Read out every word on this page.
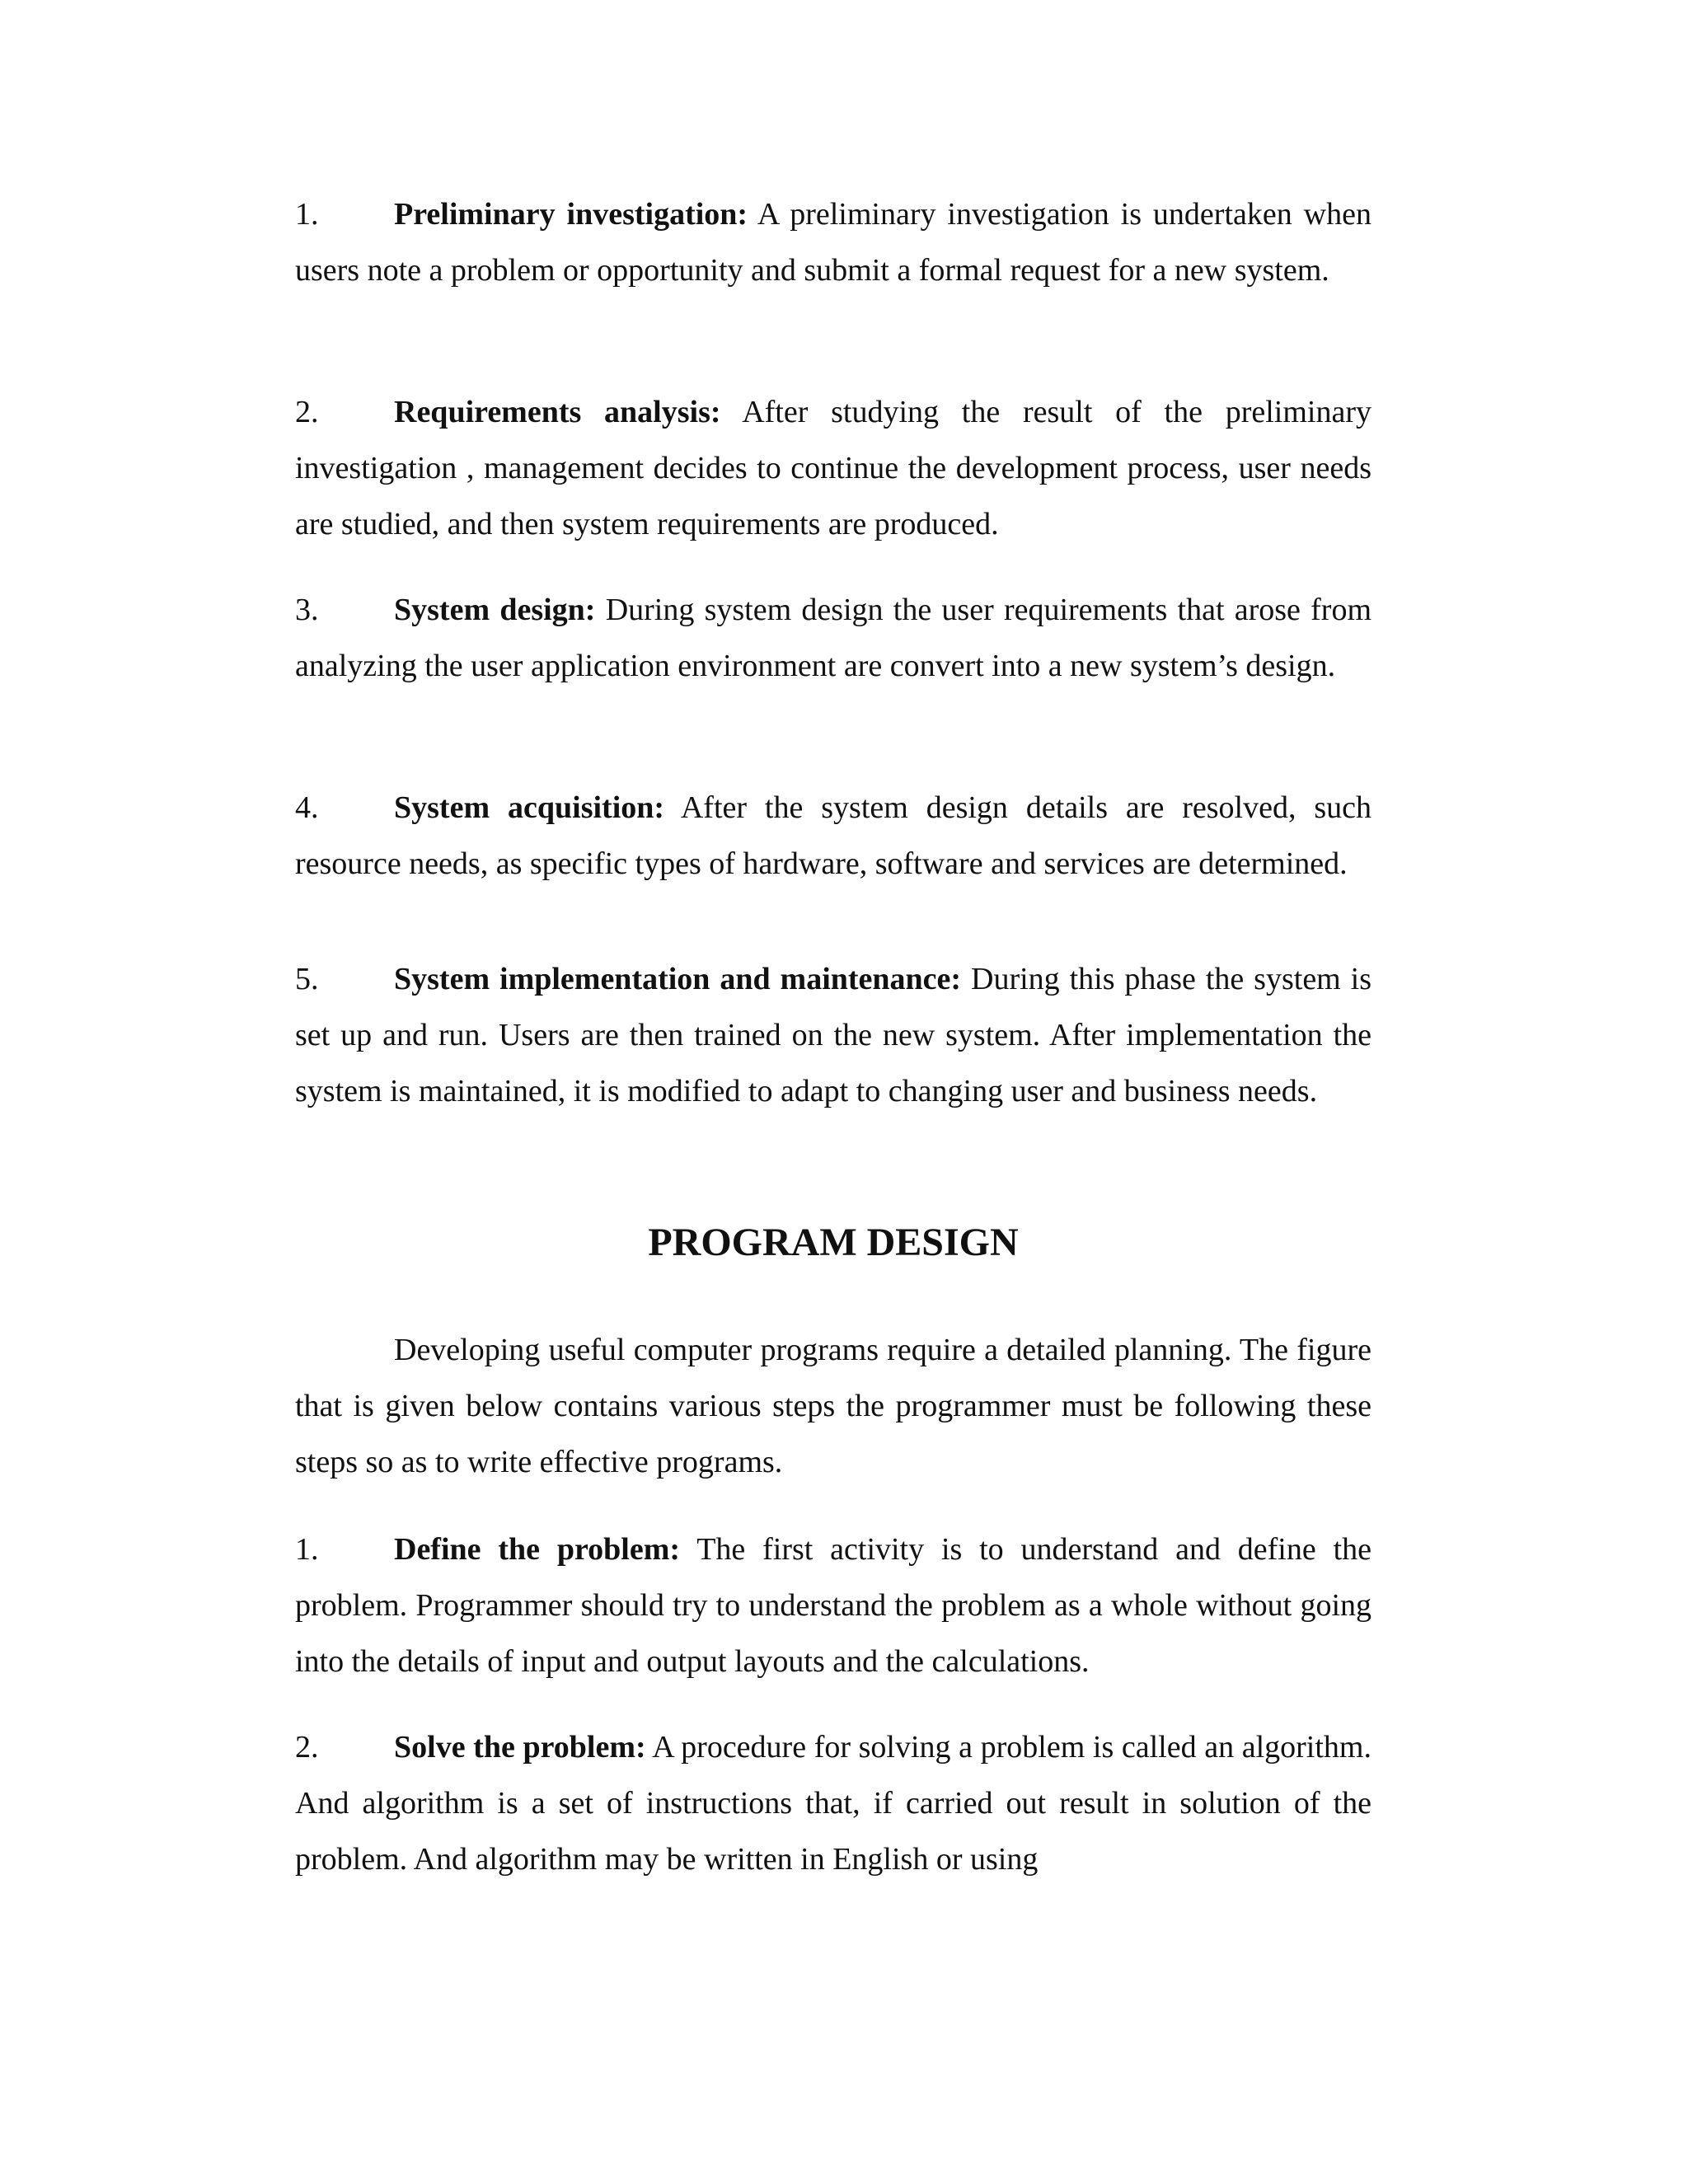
1. Preliminary investigation: A preliminary investigation is undertaken when users note a problem or opportunity and submit a formal request for a new system.

2. Requirements analysis: After studying the result of the preliminary investigation , management decides to continue the development process, user needs are studied, and then system requirements are produced.

3. System design: During system design the user requirements that arose from analyzing the user application environment are convert into a new system’s design.

4. System acquisition: After the system design details are resolved, such resource needs, as specific types of hardware, software and services are determined.

5. System implementation and maintenance: During this phase the system is set up and run. Users are then trained on the new system. After implementation the system is maintained, it is modified to adapt to changing user and business needs.

PROGRAM DESIGN

Developing useful computer programs require a detailed planning. The figure that is given below contains various steps the programmer must be following these steps so as to write effective programs.

1. Define the problem: The first activity is to understand and define the problem. Programmer should try to understand the problem as a whole without going into the details of input and output layouts and the calculations.

2. Solve the problem: A procedure for solving a problem is called an algorithm. And algorithm is a set of instructions that, if carried out result in solution of the problem. And algorithm may be written in English or using
